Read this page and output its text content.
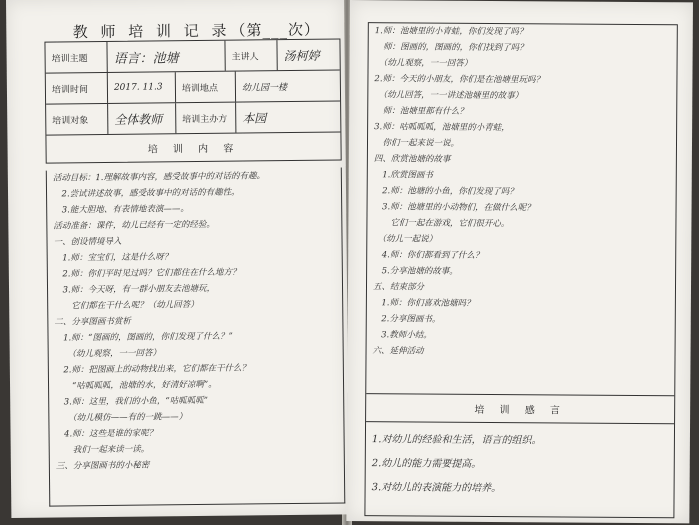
教 师 培 训 记 录（第___次）
培训主题	语言：池塘	主讲人	汤柯婷
培训时间	2017. 11.3	培训地点	幼儿园一楼
培训对象	全体教师	培训主办方	本园
培 训 内 容
活动目标：1.理解故事内容，感受故事中的对话的有趣。
　2.尝试讲述故事，感受故事中的对话的有趣性。
　3.能大胆地、有表情地表演——。
活动准备：课件，幼儿已经有一定的经验。
一、创设情境导入
　1.师：宝宝们，这是什么呀？
　2.师：你们平时见过吗？它们都住在什么地方？
　3.师：今天呀，有一群小朋友去池塘玩，
　　它们都在干什么呢？（幼儿回答）
二、分享图画书赏析
　1.师：“图画的，图画的，你们发现了什么？”
　　（幼儿观察，一一回答）
　2.师：把图画上的动物找出来，它们都在干什么？
　　“咕呱呱呱，池塘的水，好清好凉啊”。
　3.师：这里，我们的小鱼，“咕呱呱呱”
　　（幼儿模仿——有的一跳——）
　4.师：这些是谁的家呢？
　　我们一起来读一读。
三、分享图画书的小秘密
1.师：池塘里的小青蛙，你们发现了吗？
　师：图画的，图画的，你们找到了吗？
　（幼儿观察，一一回答）
2.师：今天的小朋友，你们是在池塘里玩吗？
　（幼儿回答，一一讲述池塘里的故事）
　师：池塘里都有什么？
3.师：咕呱呱呱，池塘里的小青蛙，
　你们一起来说一说。
四、欣赏池塘的故事
　1.欣赏图画书
　2.师：池塘的小鱼，你们发现了吗？
　3.师：池塘里的小动物们，在做什么呢？
　　它们一起在游戏，它们很开心。
　（幼儿一起说）
　4.师：你们都看到了什么？
　5.分享池塘的故事。
五、结束部分
　1.师：你们喜欢池塘吗？
　2.分享图画书。
　3.教师小结。
六、延伸活动
培 训 感 言
1.对幼儿的经验和生活，语言的组织。
2.幼儿的能力需要提高。
3.对幼儿的表演能力的培养。
